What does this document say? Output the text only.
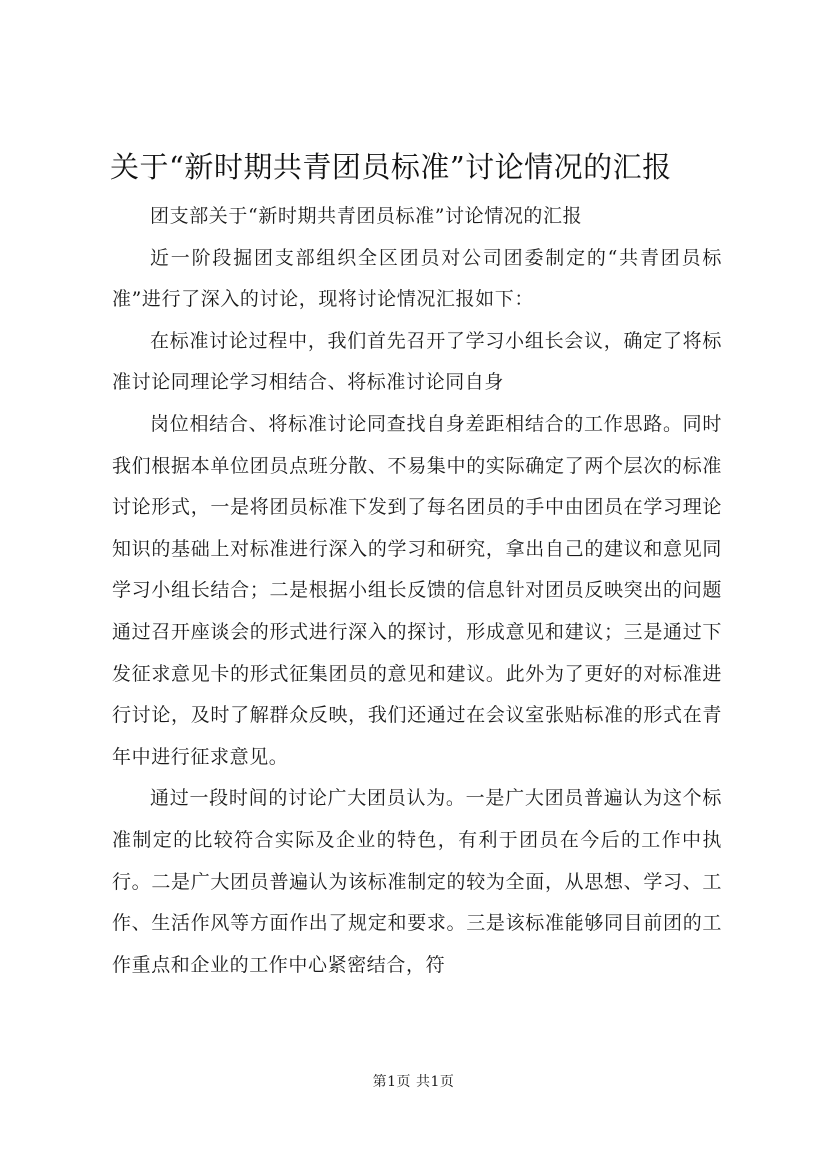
关于“新时期共青团员标准”讨论情况的汇报

团支部关于“新时期共青团员标准”讨论情况的汇报

近一阶段掘团支部组织全区团员对公司团委制定的“共青团员标准”进行了深入的讨论，现将讨论情况汇报如下：

在标准讨论过程中，我们首先召开了学习小组长会议，确定了将标准讨论同理论学习相结合、将标准讨论同自身

岗位相结合、将标准讨论同查找自身差距相结合的工作思路。同时我们根据本单位团员点班分散、不易集中的实际确定了两个层次的标准讨论形式，一是将团员标准下发到了每名团员的手中由团员在学习理论知识的基础上对标准进行深入的学习和研究，拿出自己的建议和意见同学习小组长结合；二是根据小组长反馈的信息针对团员反映突出的问题通过召开座谈会的形式进行深入的探讨，形成意见和建议；三是通过下发征求意见卡的形式征集团员的意见和建议。此外为了更好的对标准进行讨论，及时了解群众反映，我们还通过在会议室张贴标准的形式在青年中进行征求意见。

通过一段时间的讨论广大团员认为。一是广大团员普遍认为这个标准制定的比较符合实际及企业的特色，有利于团员在今后的工作中执行。二是广大团员普遍认为该标准制定的较为全面，从思想、学习、工作、生活作风等方面作出了规定和要求。三是该标准能够同目前团的工作重点和企业的工作中心紧密结合，符

第1页 共1页
